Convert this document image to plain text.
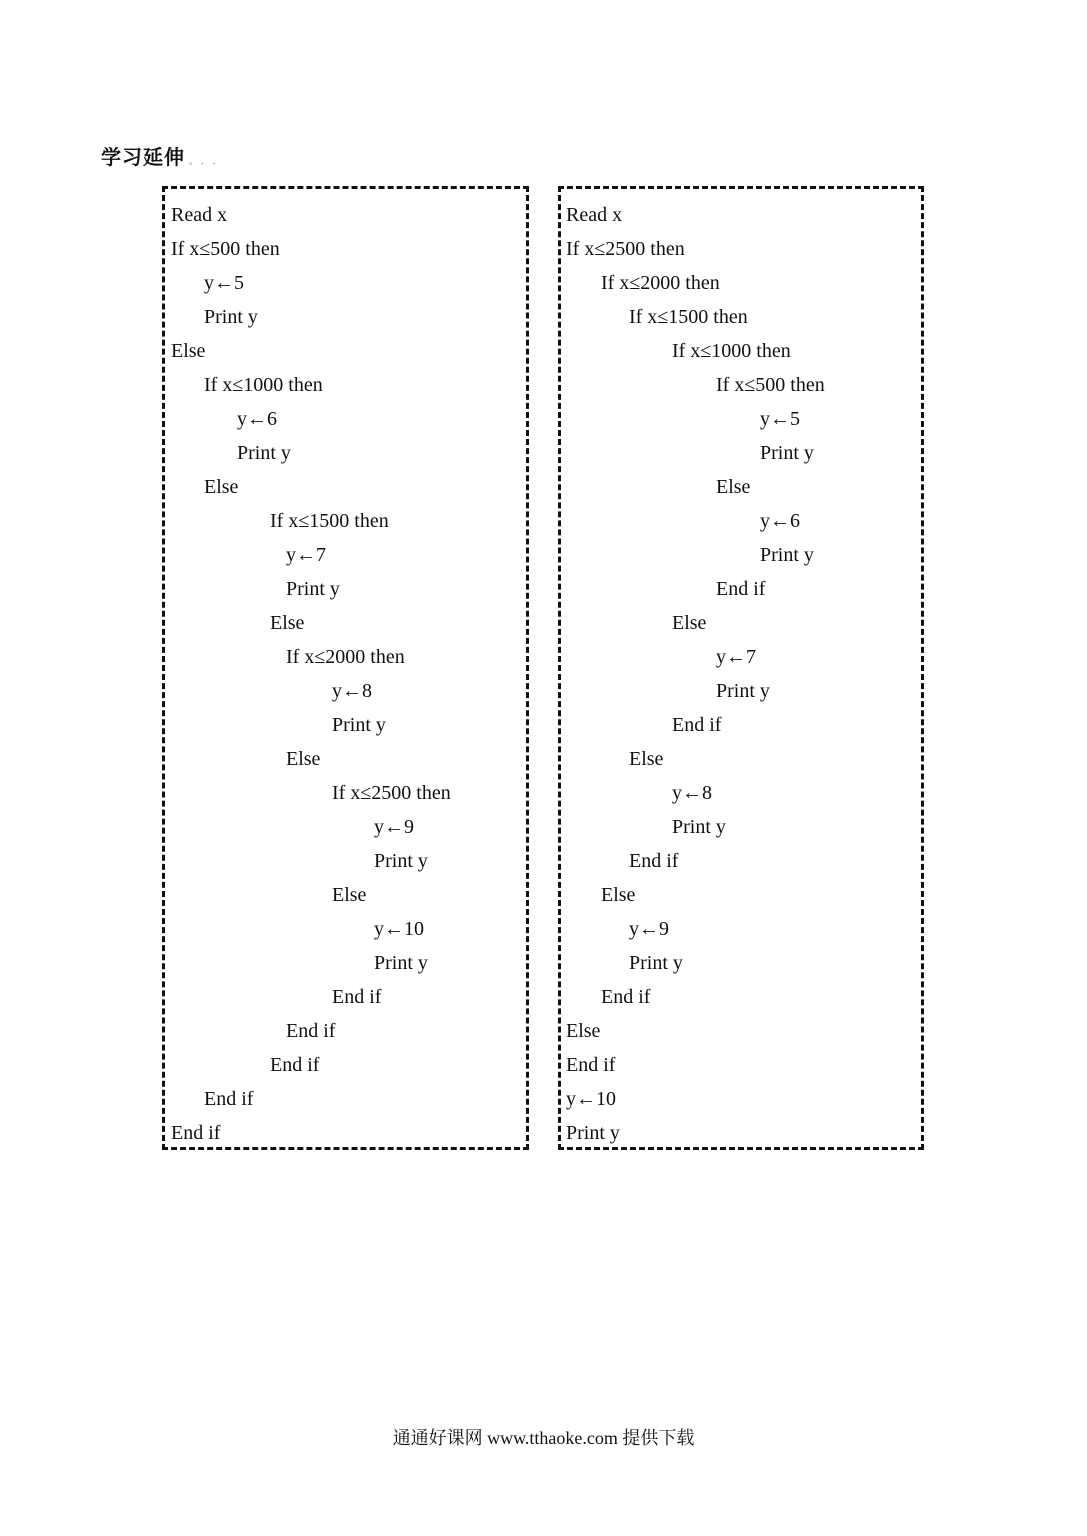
学习延伸 。. .
Read x
If x≤500 then
y←5
Print y
Else
If x≤1000 then
y←6
Print y
Else
If x≤1500 then
y←7
Print y
Else
If x≤2000 then
y←8
Print y
Else
If x≤2500 then
y←9
Print y
Else
y←10
Print y
End if
End if
End if
End if
End if
Read x
If x≤2500 then
If x≤2000 then
If x≤1500 then
If x≤1000 then
If x≤500 then
y←5
Print y
Else
y←6
Print y
End if
Else
y←7
Print y
End if
Else
y←8
Print y
End if
Else
y←9
Print y
End if
Else
End if
y←10
Print y
通通好课网 www.tthaoke.com 提供下载
